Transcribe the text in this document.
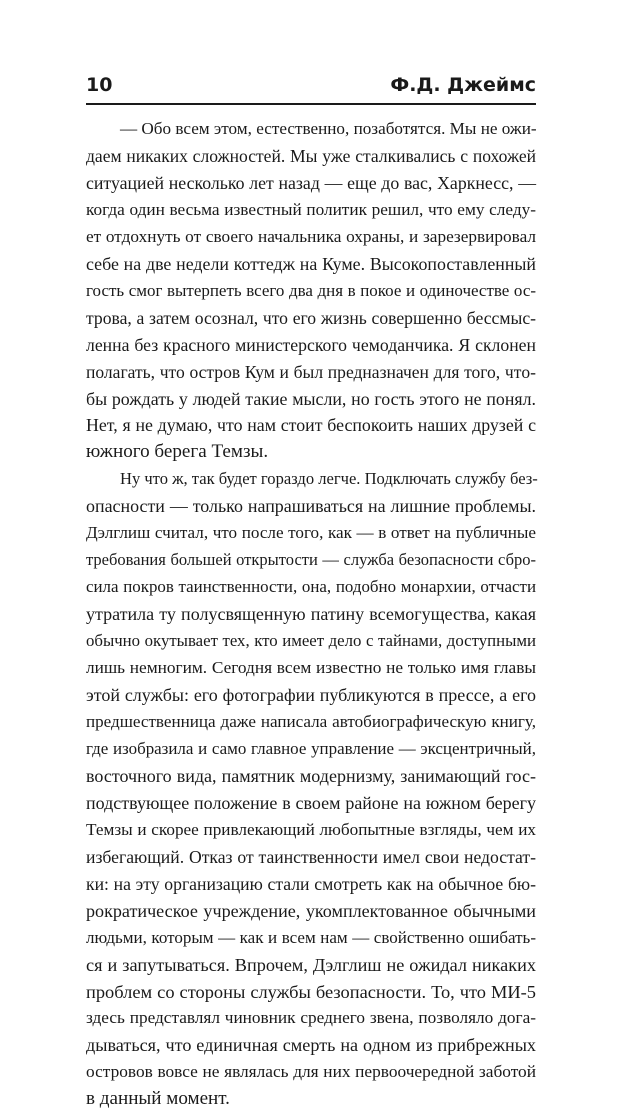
10	Ф.Д. Джеймс

— Обо всем этом, естественно, позаботятся. Мы не ожи-
даем никаких сложностей. Мы уже сталкивались с похожей
ситуацией несколько лет назад — еще до вас, Харкнесс, —
когда один весьма известный политик решил, что ему следу-
ет отдохнуть от своего начальника охраны, и зарезервировал
себе на две недели коттедж на Куме. Высокопоставленный
гость смог вытерпеть всего два дня в покое и одиночестве ос-
трова, а затем осознал, что его жизнь совершенно бессмыс-
ленна без красного министерского чемоданчика. Я склонен
полагать, что остров Кум и был предназначен для того, чтo-
бы рождать у людей такие мысли, но гость этого не понял.
Нет, я не думаю, что нам стоит беспокоить наших друзей с
южного берега Темзы.

Ну что ж, так будет гораздо легче. Подключать службу без-
опасности — только напрашиваться на лишние проблемы.
Дэлглиш считал, что после того, как — в ответ на публичные
требования большей открытости — служба безопасности сбро-
сила покров таинственности, она, подобно монархии, отчасти
утратила ту полусвященную патину всемогущества, какая
обычно окутывает тех, кто имеет дело с тайнами, доступными
лишь немногим. Сегодня всем известно не только имя главы
этой службы: его фотографии публикуются в прессе, а его
предшественница даже написала автобиографическую книгу,
где изобразила и само главное управление — эксцентричный,
восточного вида, памятник модернизму, занимающий гос-
подствующее положение в своем районе на южном берегу
Темзы и скорее привлекающий любопытные взгляды, чем их
избегающий. Отказ от таинственности имел свои недостат-
ки: на эту организацию стали смотреть как на обычное бю-
рократическое учреждение, укомплектованное обычными
людьми, которым — как и всем нам — свойственно ошибать-
ся и запутываться. Впрочем, Дэлглиш не ожидал никаких
проблем со стороны службы безопасности. То, что МИ-5
здесь представлял чиновник среднего звена, позволяло дога-
дываться, что единичная смерть на одном из прибрежных
островов вовсе не являлась для них первоочередной заботой
в данный момент.
